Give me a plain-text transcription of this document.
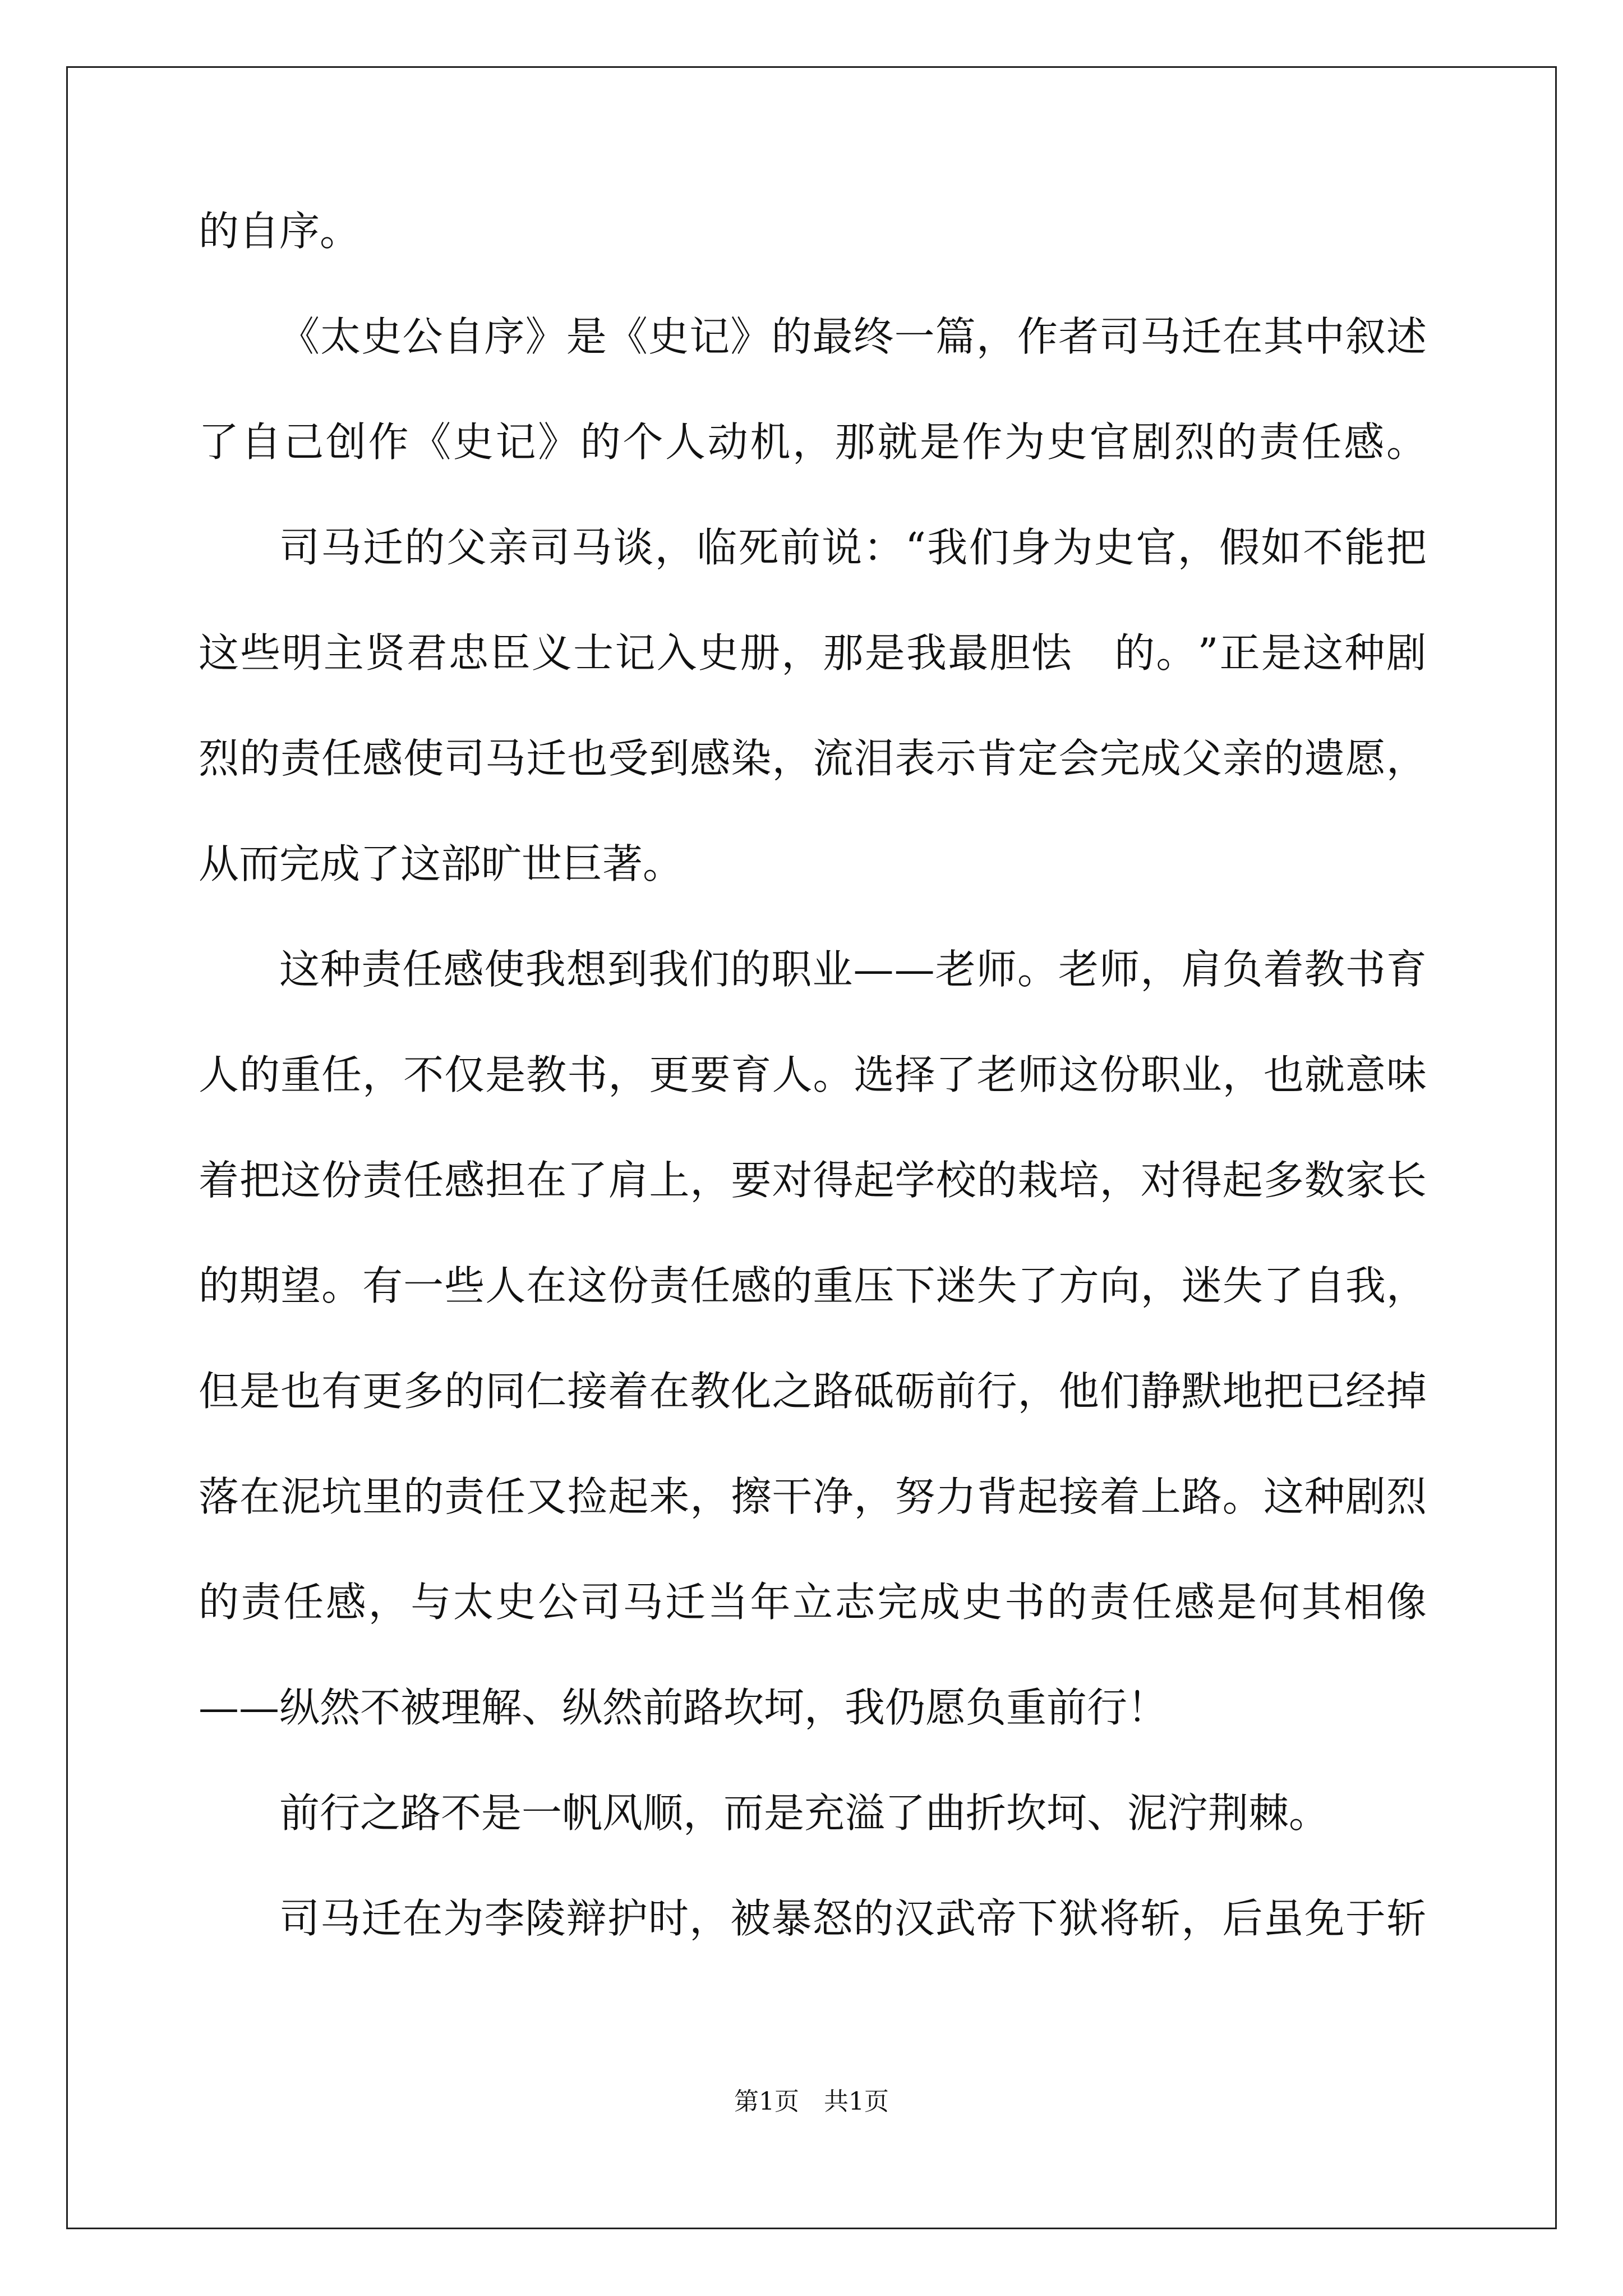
的自序。
《 太 史 公 自 序 》 是 《 史 记 》 的 最 终 一 篇 ， 作 者 司 马 迁 在 其 中 叙 述
了 自 己 创 作 《 史 记 》 的 个 人 动 机 ， 那 就 是 作 为 史 官 剧 烈 的 责 任 感 。
司 马 迁 的 父 亲 司 马 谈 ， 临 死 前 说 ： “ 我 们 身 为 史 官 ， 假 如 不 能 把
这 些 明 主 贤 君 忠 臣 义 士 记 入 史 册 ， 那 是 我 最 胆 怯
　 的 。 ” 正 是 这 种 剧
烈 的 责 任 感 使 司 马 迁 也 受 到 感 染 ， 流 泪 表 示 肯 定 会 完 成 父 亲 的 遗 愿 ，
从而完成了这部旷世巨著。
这 种 责 任 感 使 我 想 到 我 们 的 职 业 — — 老 师 。 老 师 ， 肩 负 着 教 书 育
人 的 重 任 ， 不 仅 是 教 书 ， 更 要 育 人 。 选 择 了 老 师 这 份 职 业 ， 也 就 意 味
着 把 这 份 责 任 感 担 在 了 肩 上 ， 要 对 得 起 学 校 的 栽 培 ， 对 得 起 多 数 家 长
的 期 望 。 有 一 些 人 在 这 份 责 任 感 的 重 压 下 迷 失 了 方 向 ， 迷 失 了 自 我 ，
但 是 也 有 更 多 的 同 仁 接 着 在 教 化 之 路 砥 砺 前 行 ， 他 们 静 默 地 把 已 经 掉
落 在 泥 坑 里 的 责 任 又 捡 起 来 ， 擦 干 净 ， 努 力 背 起 接 着 上 路 。 这 种 剧 烈
的 责 任 感 ， 与 太 史 公 司 马 迁 当 年 立 志 完 成 史 书 的 责 任 感 是 何 其 相 像
——纵然不被理解、纵然前路坎坷，我仍愿负重前行！
前行之路不是一帆风顺，而是充溢了曲折坎坷、泥泞荆棘。
司 马 迁 在 为 李 陵 辩 护 时 ， 被 暴 怒 的 汉 武 帝 下 狱 将 斩 ， 后 虽 免 于 斩
第1页　共1页
